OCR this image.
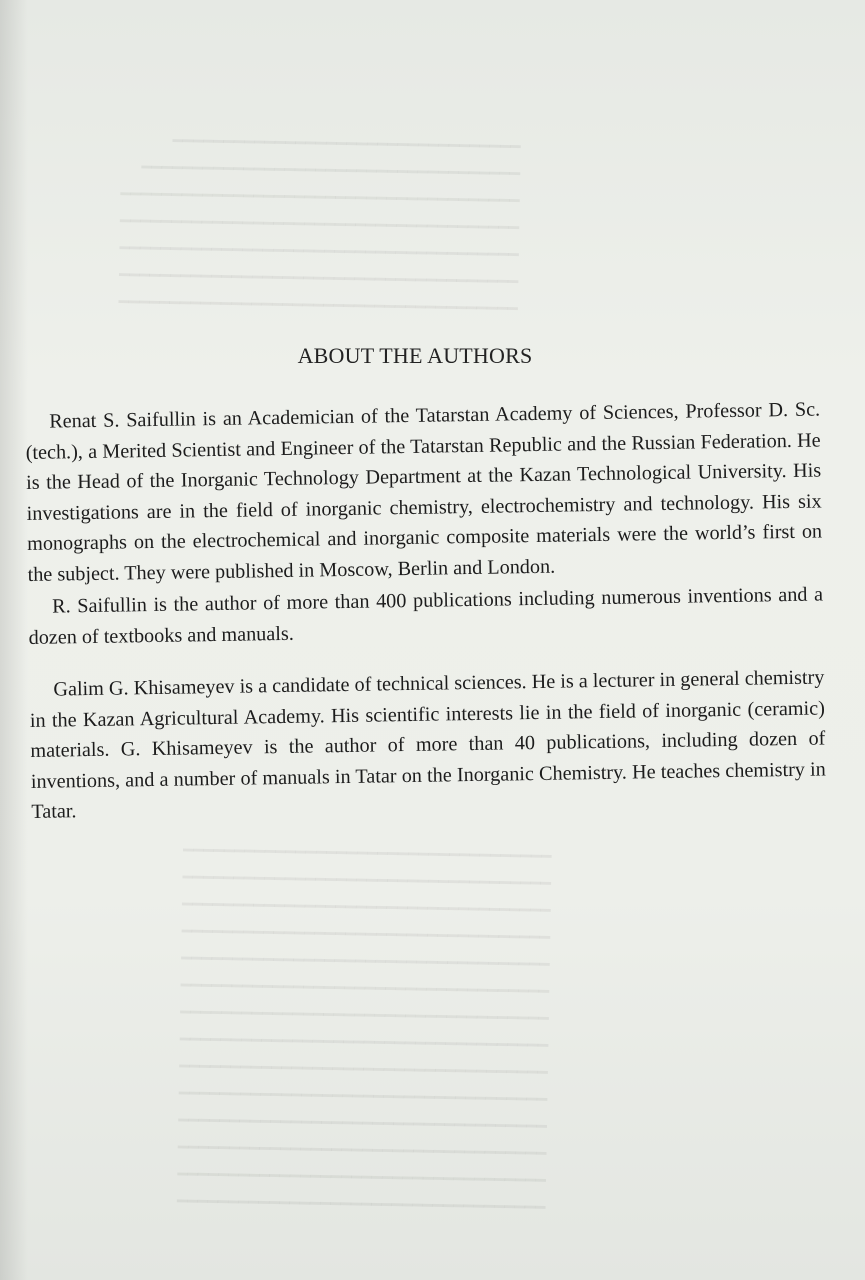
━━━━━━━━━━━━━━━━━━━━━━━━━━━━━━━━━━
━━━━━━━━━━━━━━━━━━━━━━━━━━━━━━━━━━━━━
━━━━━━━━━━━━━━━━━━━━━━━━━━━━━━━━━━━━━━━
━━━━━━━━━━━━━━━━━━━━━━━━━━━━━━━━━━━━━━━
━━━━━━━━━━━━━━━━━━━━━━━━━━━━━━━━━━━━━━━
━━━━━━━━━━━━━━━━━━━━━━━━━━━━━━━━━━━━━━━
━━━━━━━━━━━━━━━━━━━━━━━━━━━━━━━━━━━━━━━
━━━━━━━━━━━━━━━━━━━━━━━━━━━━━━━━━━━━
━━━━━━━━━━━━━━━━━━━━━━━━━━━━━━━━━━━━
━━━━━━━━━━━━━━━━━━━━━━━━━━━━━━━━━━━━
━━━━━━━━━━━━━━━━━━━━━━━━━━━━━━━━━━━━
━━━━━━━━━━━━━━━━━━━━━━━━━━━━━━━━━━━━
━━━━━━━━━━━━━━━━━━━━━━━━━━━━━━━━━━━━
━━━━━━━━━━━━━━━━━━━━━━━━━━━━━━━━━━━━
━━━━━━━━━━━━━━━━━━━━━━━━━━━━━━━━━━━━
━━━━━━━━━━━━━━━━━━━━━━━━━━━━━━━━━━━━
━━━━━━━━━━━━━━━━━━━━━━━━━━━━━━━━━━━━
━━━━━━━━━━━━━━━━━━━━━━━━━━━━━━━━━━━━
━━━━━━━━━━━━━━━━━━━━━━━━━━━━━━━━━━━━
━━━━━━━━━━━━━━━━━━━━━━━━━━━━━━━━━━━━
━━━━━━━━━━━━━━━━━━━━━━━━━━━━━━━━━━━━
ABOUT THE AUTHORS

Renat S. Saifullin is an Academician of the Tatarstan Academy of Sciences, Professor D. Sc. (tech.), a Merited Scientist and Engineer of the Tatarstan Republic and the Russian Federation. He is the Head of the Inorganic Technology Department at the Kazan Technological University. His investigations are in the field of inorganic chemistry, electrochemistry and technology. His six monographs on the electrochemical and inorganic composite materials were the world’s first on the subject. They were published in Moscow, Berlin and London.

R. Saifullin is the author of more than 400 publications including numerous inventions and a dozen of textbooks and manuals.

Galim G. Khisameyev is a candidate of technical sciences. He is a lecturer in general chemistry in the Kazan Agricultural Academy. His scientific interests lie in the field of inorganic (ceramic) materials. G. Khisameyev is the author of more than 40 publications, including dozen of inventions, and a number of manuals in Tatar on the Inorganic Chemistry. He teaches chemistry in Tatar.
